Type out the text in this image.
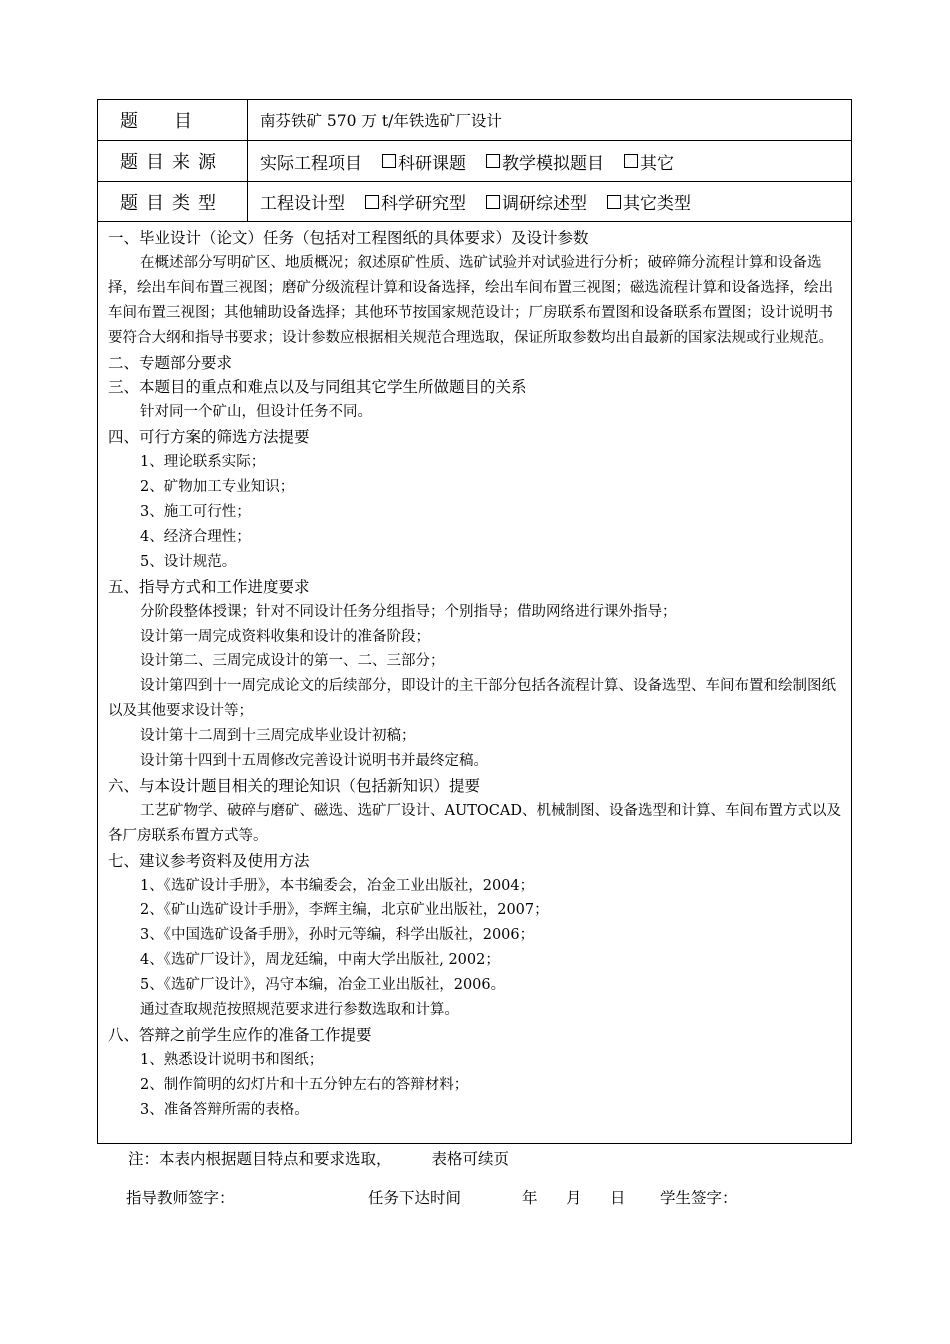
题　　目	南芬铁矿 570 万 t/年铁选矿厂设计
题目来源 实际工程项目 科研课题 教学模拟题目 其它
题目类型 工程设计型 科学研究型 调研综述型 其它类型
一、毕业设计（论文）任务（包括对工程图纸的具体要求）及设计参数
在概述部分写明矿区、地质概况；叙述原矿性质、选矿试验并对试验进行分析；破碎筛分流程计算和设备选择，绘出车间布置三视图；磨矿分级流程计算和设备选择，绘出车间布置三视图；磁选流程计算和设备选择，绘出车间布置三视图；其他辅助设备选择；其他环节按国家规范设计；厂房联系布置图和设备联系布置图；设计说明书要符合大纲和指导书要求；设计参数应根据相关规范合理选取，保证所取参数均出自最新的国家法规或行业规范。
二、专题部分要求
三、本题目的重点和难点以及与同组其它学生所做题目的关系
针对同一个矿山，但设计任务不同。
四、可行方案的筛选方法提要
1、理论联系实际；
2、矿物加工专业知识；
3、施工可行性；
4、经济合理性；
5、设计规范。
五、指导方式和工作进度要求
分阶段整体授课；针对不同设计任务分组指导；个别指导；借助网络进行课外指导；
设计第一周完成资料收集和设计的准备阶段；
设计第二、三周完成设计的第一、二、三部分；
设计第四到十一周完成论文的后续部分，即设计的主干部分包括各流程计算、设备选型、车间布置和绘制图纸以及其他要求设计等；
设计第十二周到十三周完成毕业设计初稿；
设计第十四到十五周修改完善设计说明书并最终定稿。
六、与本设计题目相关的理论知识（包括新知识）提要
工艺矿物学、破碎与磨矿、磁选、选矿厂设计、AUTOCAD、机械制图、设备选型和计算、车间布置方式以及各厂房联系布置方式等。
七、建议参考资料及使用方法
1、《选矿设计手册》，本书编委会，冶金工业出版社，2004；
2、《矿山选矿设计手册》，李辉主编，北京矿业出版社，2007；
3、《中国选矿设备手册》，孙时元等编，科学出版社，2006；
4、《选矿厂设计》，周龙廷编，中南大学出版社, 2002；
5、《选矿厂设计》，冯守本编，冶金工业出版社，2006。
通过查取规范按照规范要求进行参数选取和计算。
八、答辩之前学生应作的准备工作提要
1、熟悉设计说明书和图纸；
2、制作简明的幻灯片和十五分钟左右的答辩材料；
3、准备答辩所需的表格。
注：本表内根据题目特点和要求选取，	表格可续页
指导教师签字：	任务下达时间	年 月 日 学生签字：
